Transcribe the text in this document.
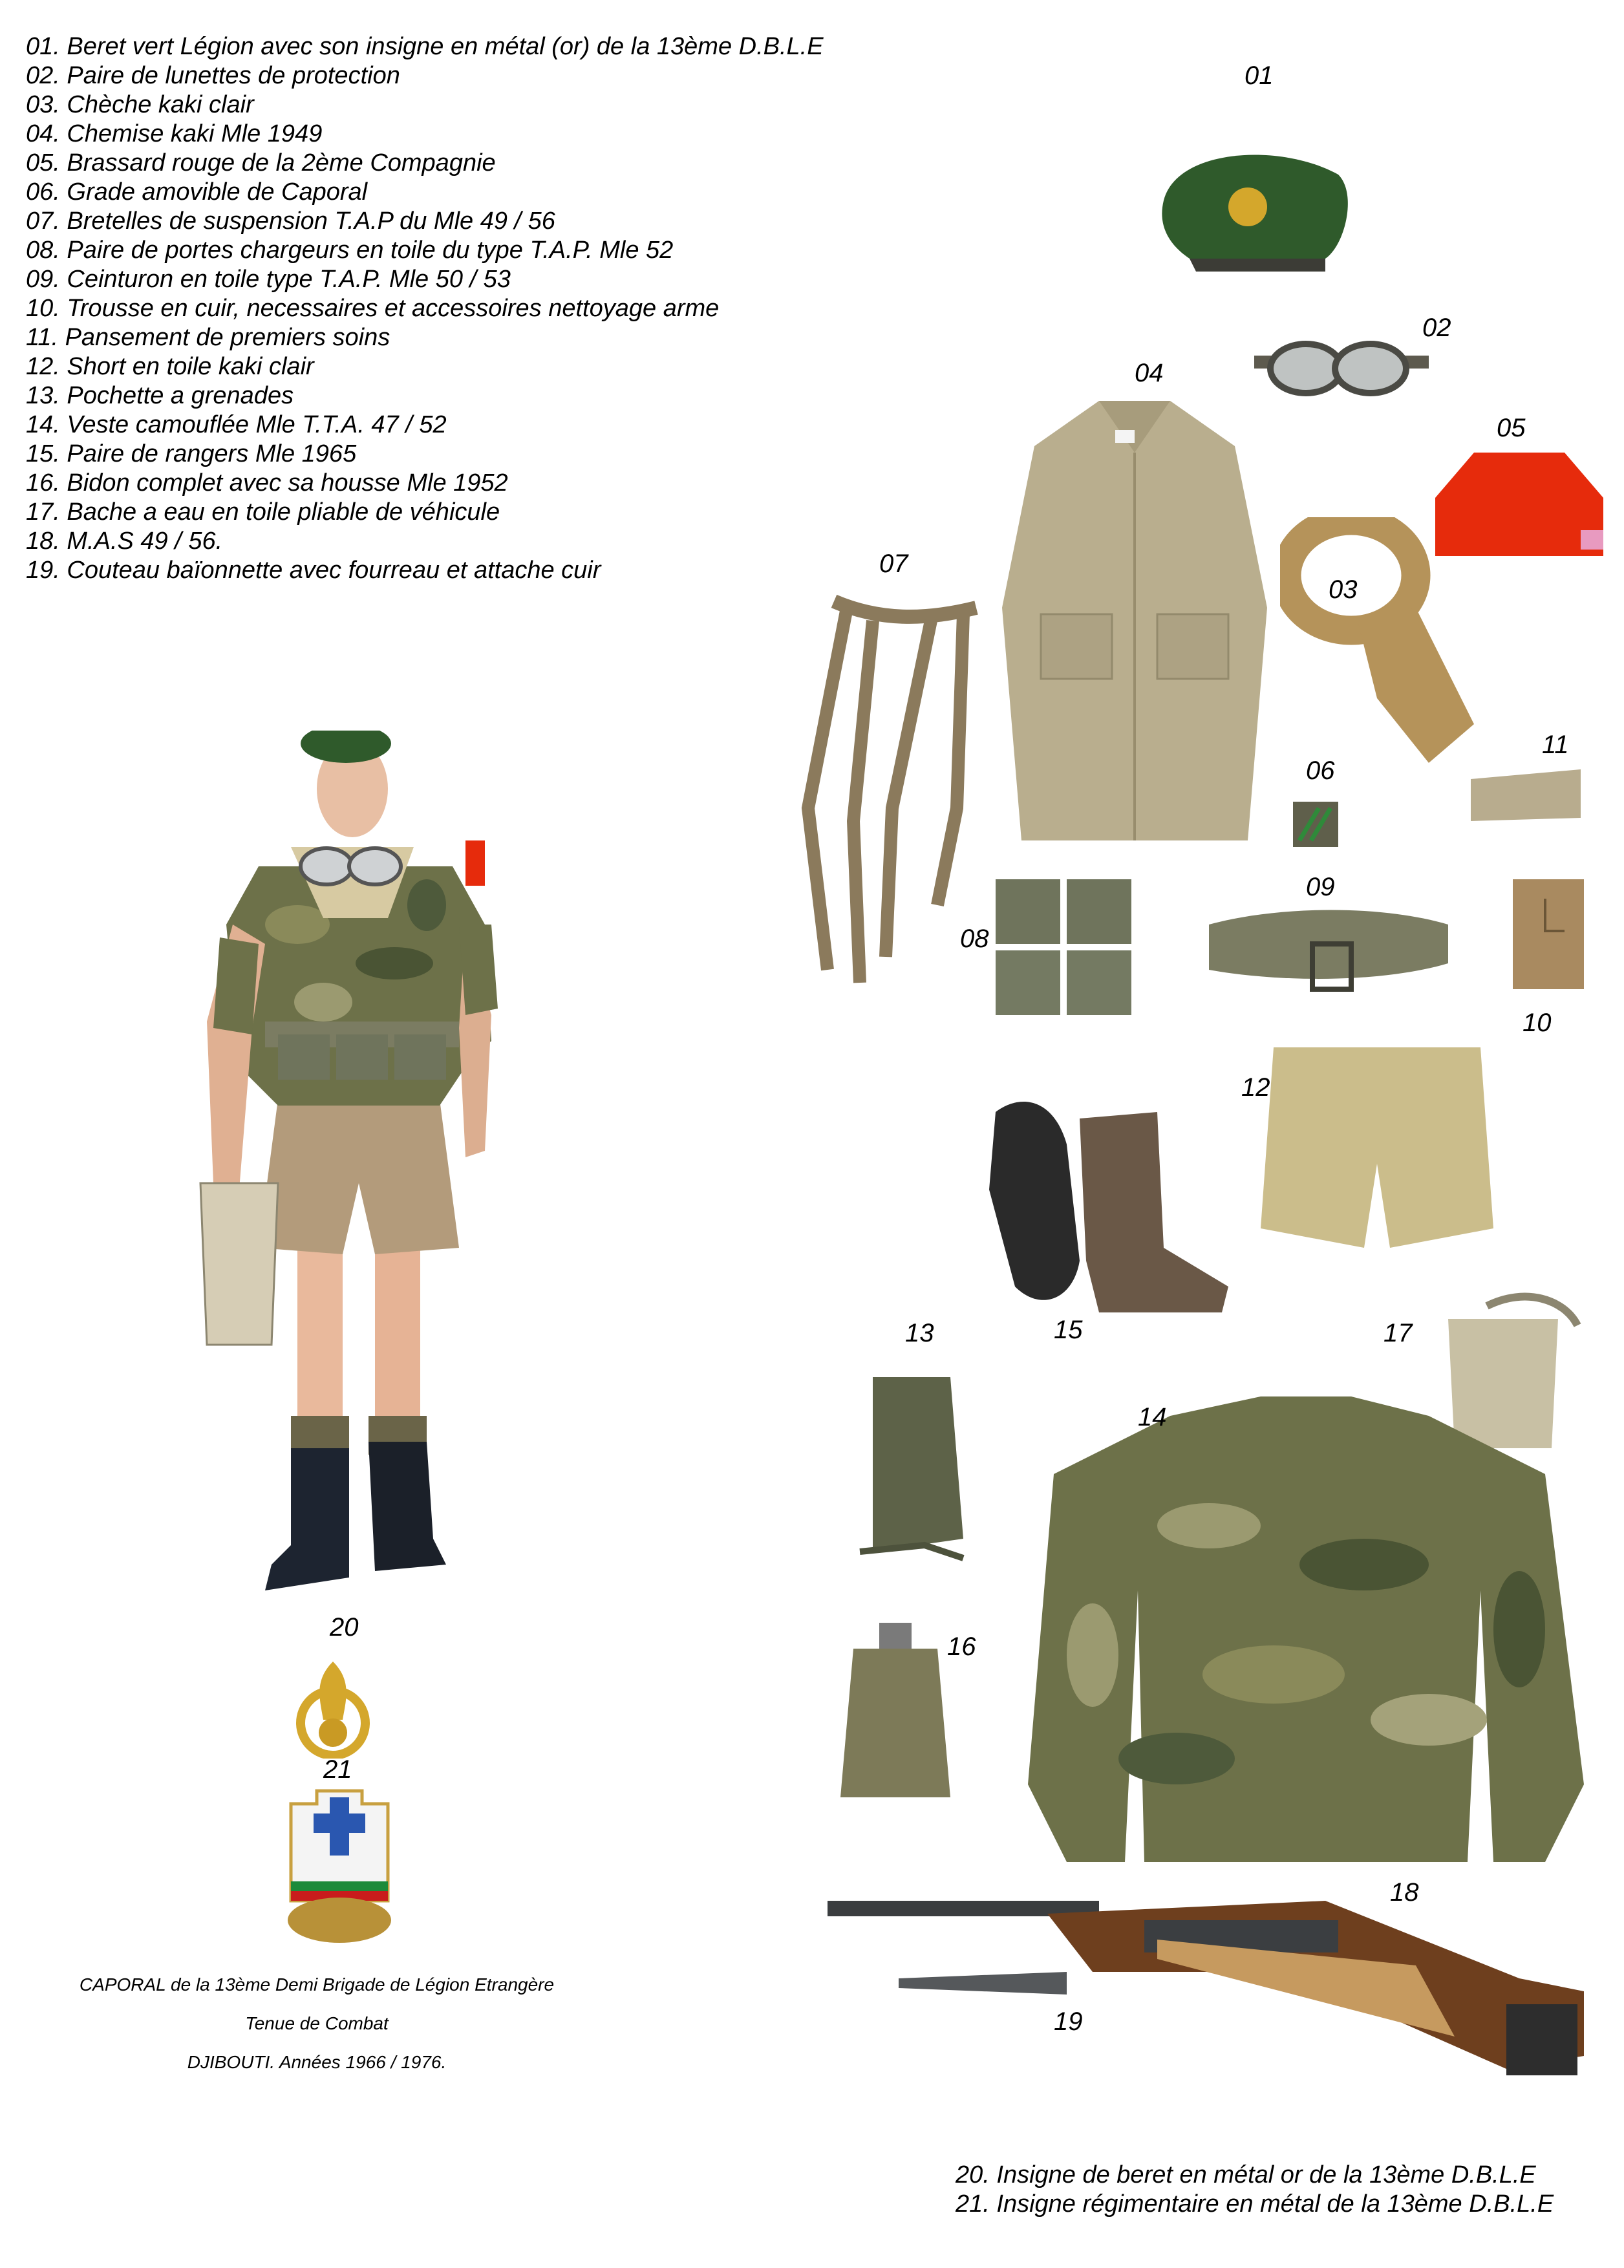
01. Beret vert Légion avec son insigne en métal (or) de la 13ème D.B.L.E
02. Paire de lunettes de protection
03. Chèche kaki clair
04. Chemise kaki Mle 1949
05. Brassard rouge de la 2ème Compagnie
06. Grade amovible de Caporal
07. Bretelles de suspension T.A.P du Mle 49 / 56
08. Paire de portes chargeurs en toile du type T.A.P. Mle 52
09. Ceinturon en toile type T.A.P. Mle 50 / 53
10. Trousse en cuir, necessaires et accessoires nettoyage arme
11. Pansement de premiers soins
12. Short en toile kaki clair
13. Pochette a grenades
14. Veste camouflée Mle T.T.A. 47 / 52
15. Paire de rangers Mle 1965
16. Bidon complet avec sa housse Mle 1952
17. Bache a eau en toile pliable de véhicule
18. M.A.S 49 / 56.
19. Couteau baïonnette avec fourreau et attache cuir
20. Insigne de beret en métal or de la 13ème D.B.L.E
21. Insigne régimentaire en métal de la 13ème D.B.L.E
01
02
03
04
05
06
07
08
09
10
11
12
13
14
15
16
17
18
19
20
21
CAPORAL de la 13ème Demi Brigade de Légion Etrangère
Tenue de Combat
DJIBOUTI. Années 1966 / 1976.
